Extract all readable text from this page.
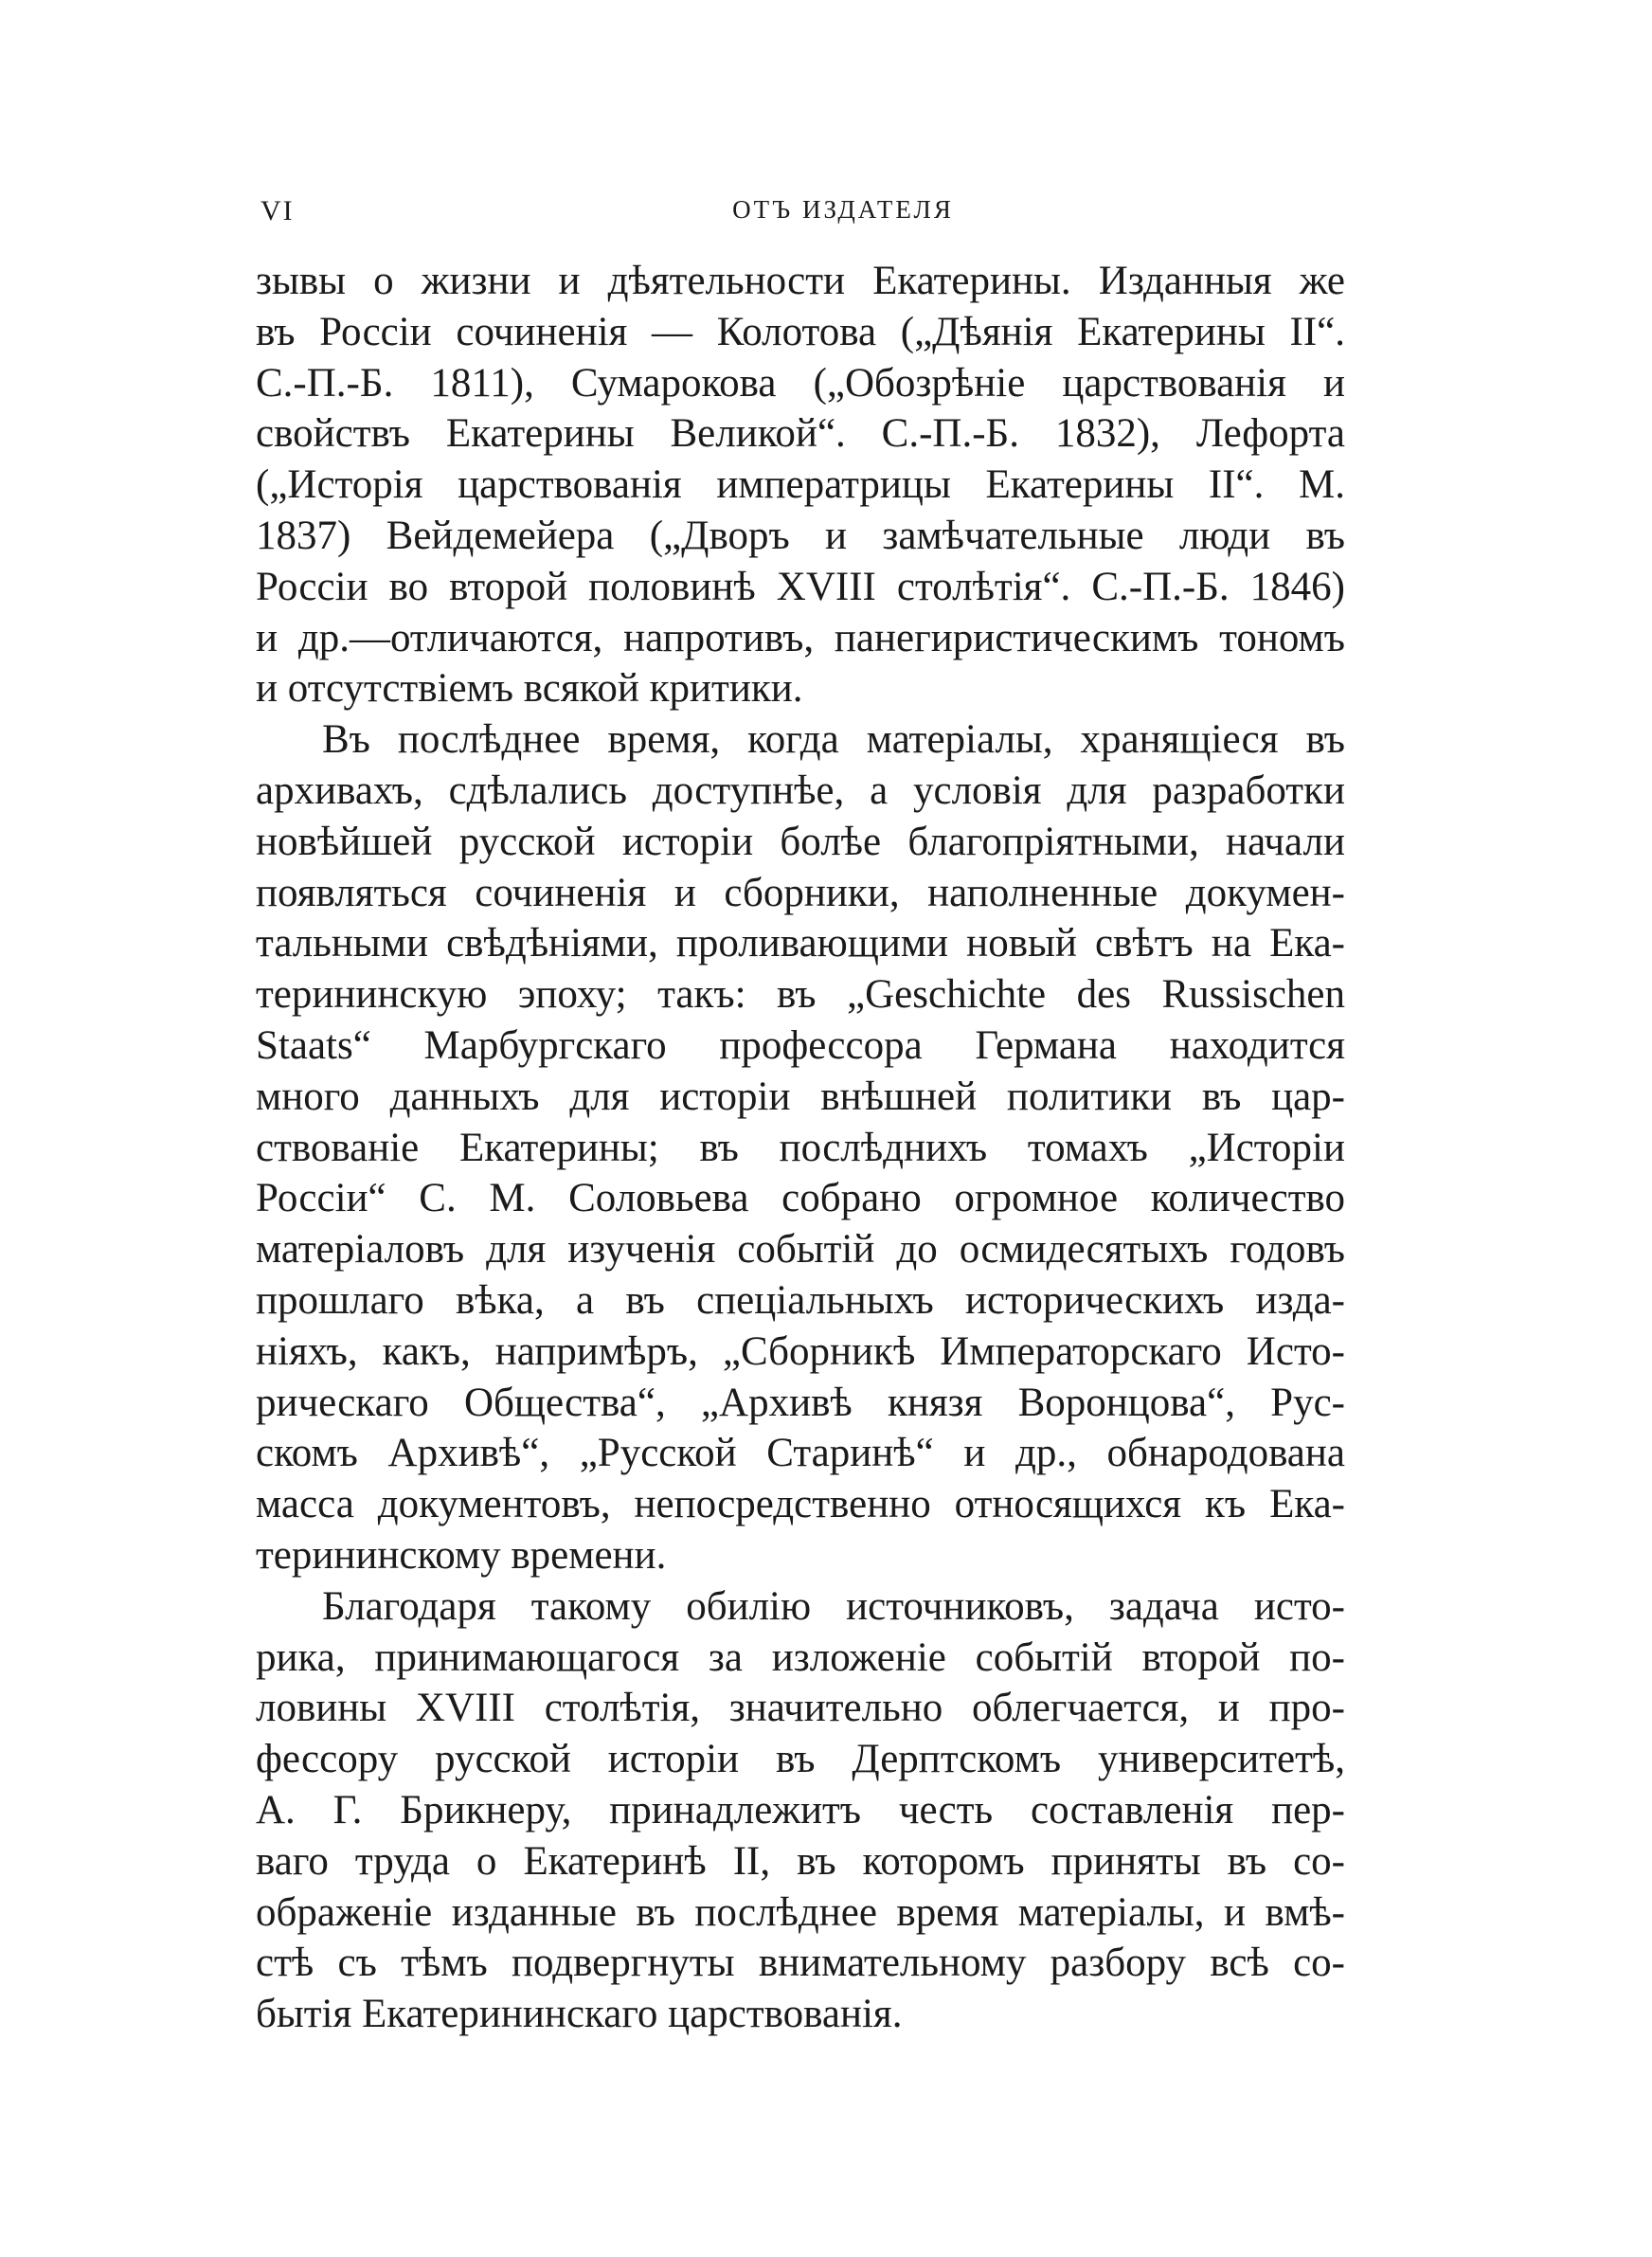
VI	ОТЪ ИЗДАТЕЛЯ
зывы о жизни и дѣятельности Екатерины. Изданныя же
въ Россiи сочиненiя — Колотова („Дѣянiя Екатерины II“.
С.-П.-Б. 1811), Сумарокова („Обозрѣнiе царствованiя и
свойствъ Екатерины Великой“. С.-П.-Б. 1832), Лефорта
(„Исторiя царствованiя императрицы Екатерины II“. М.
1837) Вейдемейера („Дворъ и замѣчательные люди въ
Россiи во второй половинѣ XVIII столѣтiя“. С.-П.-Б. 1846)
и др.—отличаются, напротивъ, панегиристическимъ тономъ
и отсутствiемъ всякой критики.
Въ послѣднее время, когда матерiалы, хранящiеся въ
архивахъ, сдѣлались доступнѣе, а условiя для разработки
новѣйшей русской исторiи болѣе благопрiятными, начали
появляться сочиненiя и сборники, наполненные докумен-
тальными свѣдѣнiями, проливающими новый свѣтъ на Ека-
терининскую эпоху; такъ: въ „Geschichte des Russischen
Staats“ Марбургскаго профессора Германа находится
много данныхъ для исторiи внѣшней политики въ цар-
ствованiе Екатерины; въ послѣднихъ томахъ „Исторiи
Россiи“ С. М. Соловьева собрано огромное количество
матерiаловъ для изученiя событiй до осмидесятыхъ годовъ
прошлаго вѣка, а въ спецiальныхъ историческихъ изда-
нiяхъ, какъ, напримѣръ, „Сборникѣ Императорскаго Исто-
рическаго Общества“, „Архивѣ князя Воронцова“, Рус-
скомъ Архивѣ“, „Русской Старинѣ“ и др., обнародована
масса документовъ, непосредственно относящихся къ Ека-
терининскому времени.
Благодаря такому обилiю источниковъ, задача исто-
рика, принимающагося за изложенiе событiй второй по-
ловины XVIII столѣтiя, значительно облегчается, и про-
фессору русской исторiи въ Дерптскомъ университетѣ,
А. Г. Брикнеру, принадлежитъ честь составленiя пер-
ваго труда о Екатеринѣ II, въ которомъ приняты въ со-
ображенiе изданные въ послѣднее время матерiалы, и вмѣ-
стѣ съ тѣмъ подвергнуты внимательному разбору всѣ со-
бытiя Екатерининскаго царствованiя.
